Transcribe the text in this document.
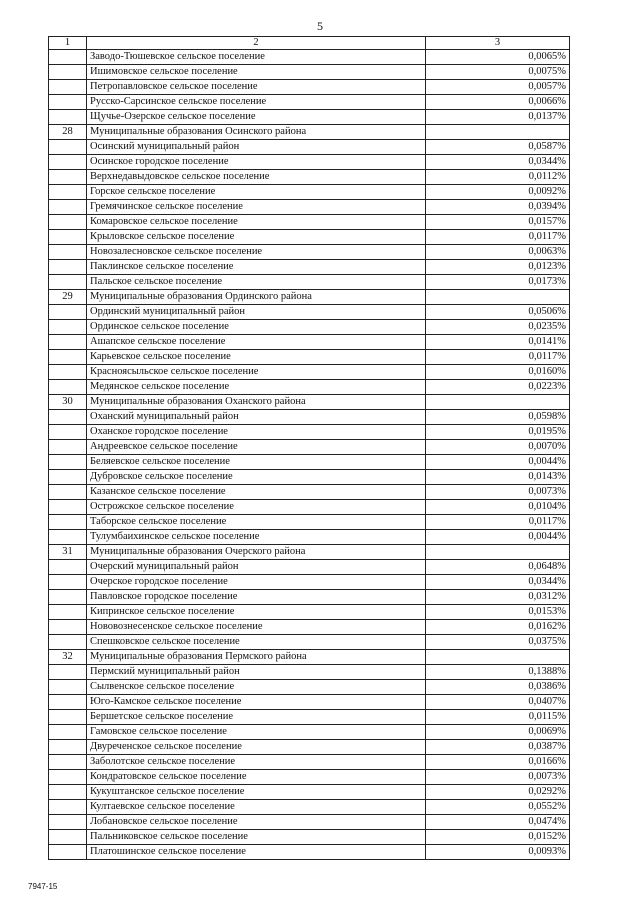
5
1	2	3
	Заводо-Тюшевское сельское поселение	0,0065%
	Ишимовское сельское поселение	0,0075%
	Петропавловское сельское поселение	0,0057%
	Русско-Сарсинское сельское поселение	0,0066%
	Щучье-Озерское сельское поселение	0,0137%
28	Муниципальные образования Осинского района	
	Осинский муниципальный район	0,0587%
	Осинское городское поселение	0,0344%
	Верхнедавыдовское сельское поселение	0,0112%
	Горское сельское поселение	0,0092%
	Гремячинское сельское поселение	0,0394%
	Комаровское сельское поселение	0,0157%
	Крыловское сельское поселение	0,0117%
	Новозалесновское сельское поселение	0,0063%
	Паклинское сельское поселение	0,0123%
	Пальское сельское поселение	0,0173%
29	Муниципальные образования Ординского района	
	Ординский муниципальный район	0,0506%
	Ординское сельское поселение	0,0235%
	Ашапское сельское поселение	0,0141%
	Карьевское сельское поселение	0,0117%
	Красноясыльское сельское поселение	0,0160%
	Медянское сельское поселение	0,0223%
30	Муниципальные образования Оханского района	
	Оханский муниципальный район	0,0598%
	Оханское городское поселение	0,0195%
	Андреевское сельское поселение	0,0070%
	Беляевское сельское поселение	0,0044%
	Дубровское сельское поселение	0,0143%
	Казанское сельское поселение	0,0073%
	Острожское сельское поселение	0,0104%
	Таборское сельское поселение	0,0117%
	Тулумбаихинское сельское поселение	0,0044%
31	Муниципальные образования Очерского района	
	Очерский муниципальный район	0,0648%
	Очерское городское поселение	0,0344%
	Павловское городское поселение	0,0312%
	Кипринское сельское поселение	0,0153%
	Нововознесенское сельское поселение	0,0162%
	Спешковское сельское поселение	0,0375%
32	Муниципальные образования Пермского района	
	Пермский муниципальный район	0,1388%
	Сылвенское сельское поселение	0,0386%
	Юго-Камское сельское поселение	0,0407%
	Бершетское сельское поселение	0,0115%
	Гамовское сельское поселение	0,0069%
	Двуреченское сельское поселение	0,0387%
	Заболотское сельское поселение	0,0166%
	Кондратовское сельское поселение	0,0073%
	Кукуштанское сельское поселение	0,0292%
	Култаевское сельское поселение	0,0552%
	Лобановское сельское поселение	0,0474%
	Пальниковское сельское поселение	0,0152%
	Платошинское сельское поселение	0,0093%
7947-15
